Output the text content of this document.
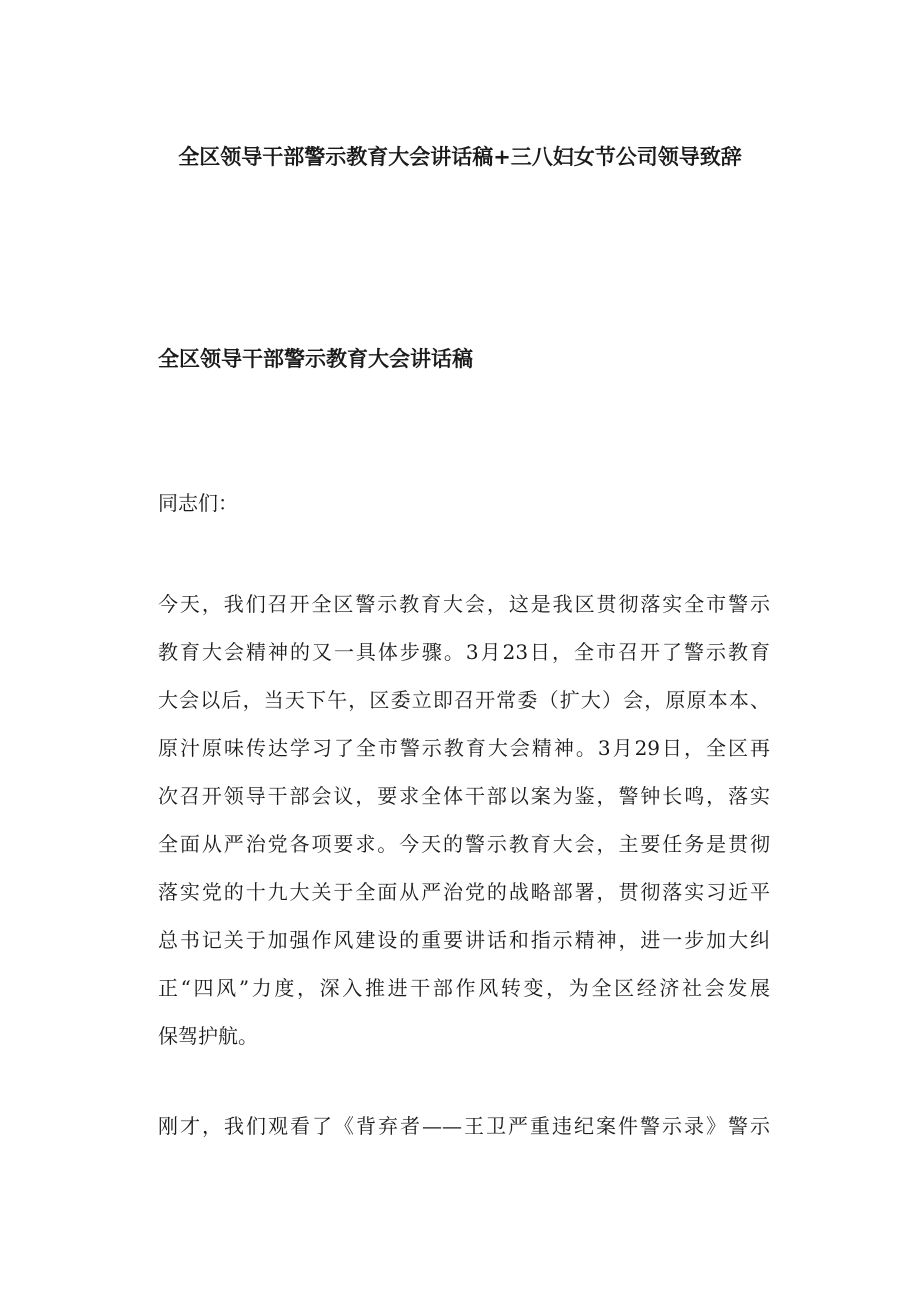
全区领导干部警示教育大会讲话稿+三八妇女节公司领导致辞
全区领导干部警示教育大会讲话稿

同志们：

今天，我们召开全区警示教育大会，这是我区贯彻落实全市警示
教育大会精神的又一具体步骤。3月23日，全市召开了警示教育
大会以后，当天下午，区委立即召开常委（扩大）会，原原本本、
原汁原味传达学习了全市警示教育大会精神。3月29日，全区再
次召开领导干部会议，要求全体干部以案为鉴，警钟长鸣，落实
全面从严治党各项要求。今天的警示教育大会，主要任务是贯彻
落实党的十九大关于全面从严治党的战略部署，贯彻落实习近平
总书记关于加强作风建设的重要讲话和指示精神，进一步加大纠
正“四风”力度，深入推进干部作风转变，为全区经济社会发展
保驾护航。

刚才，我们观看了《背弃者——王卫严重违纪案件警示录》警示
